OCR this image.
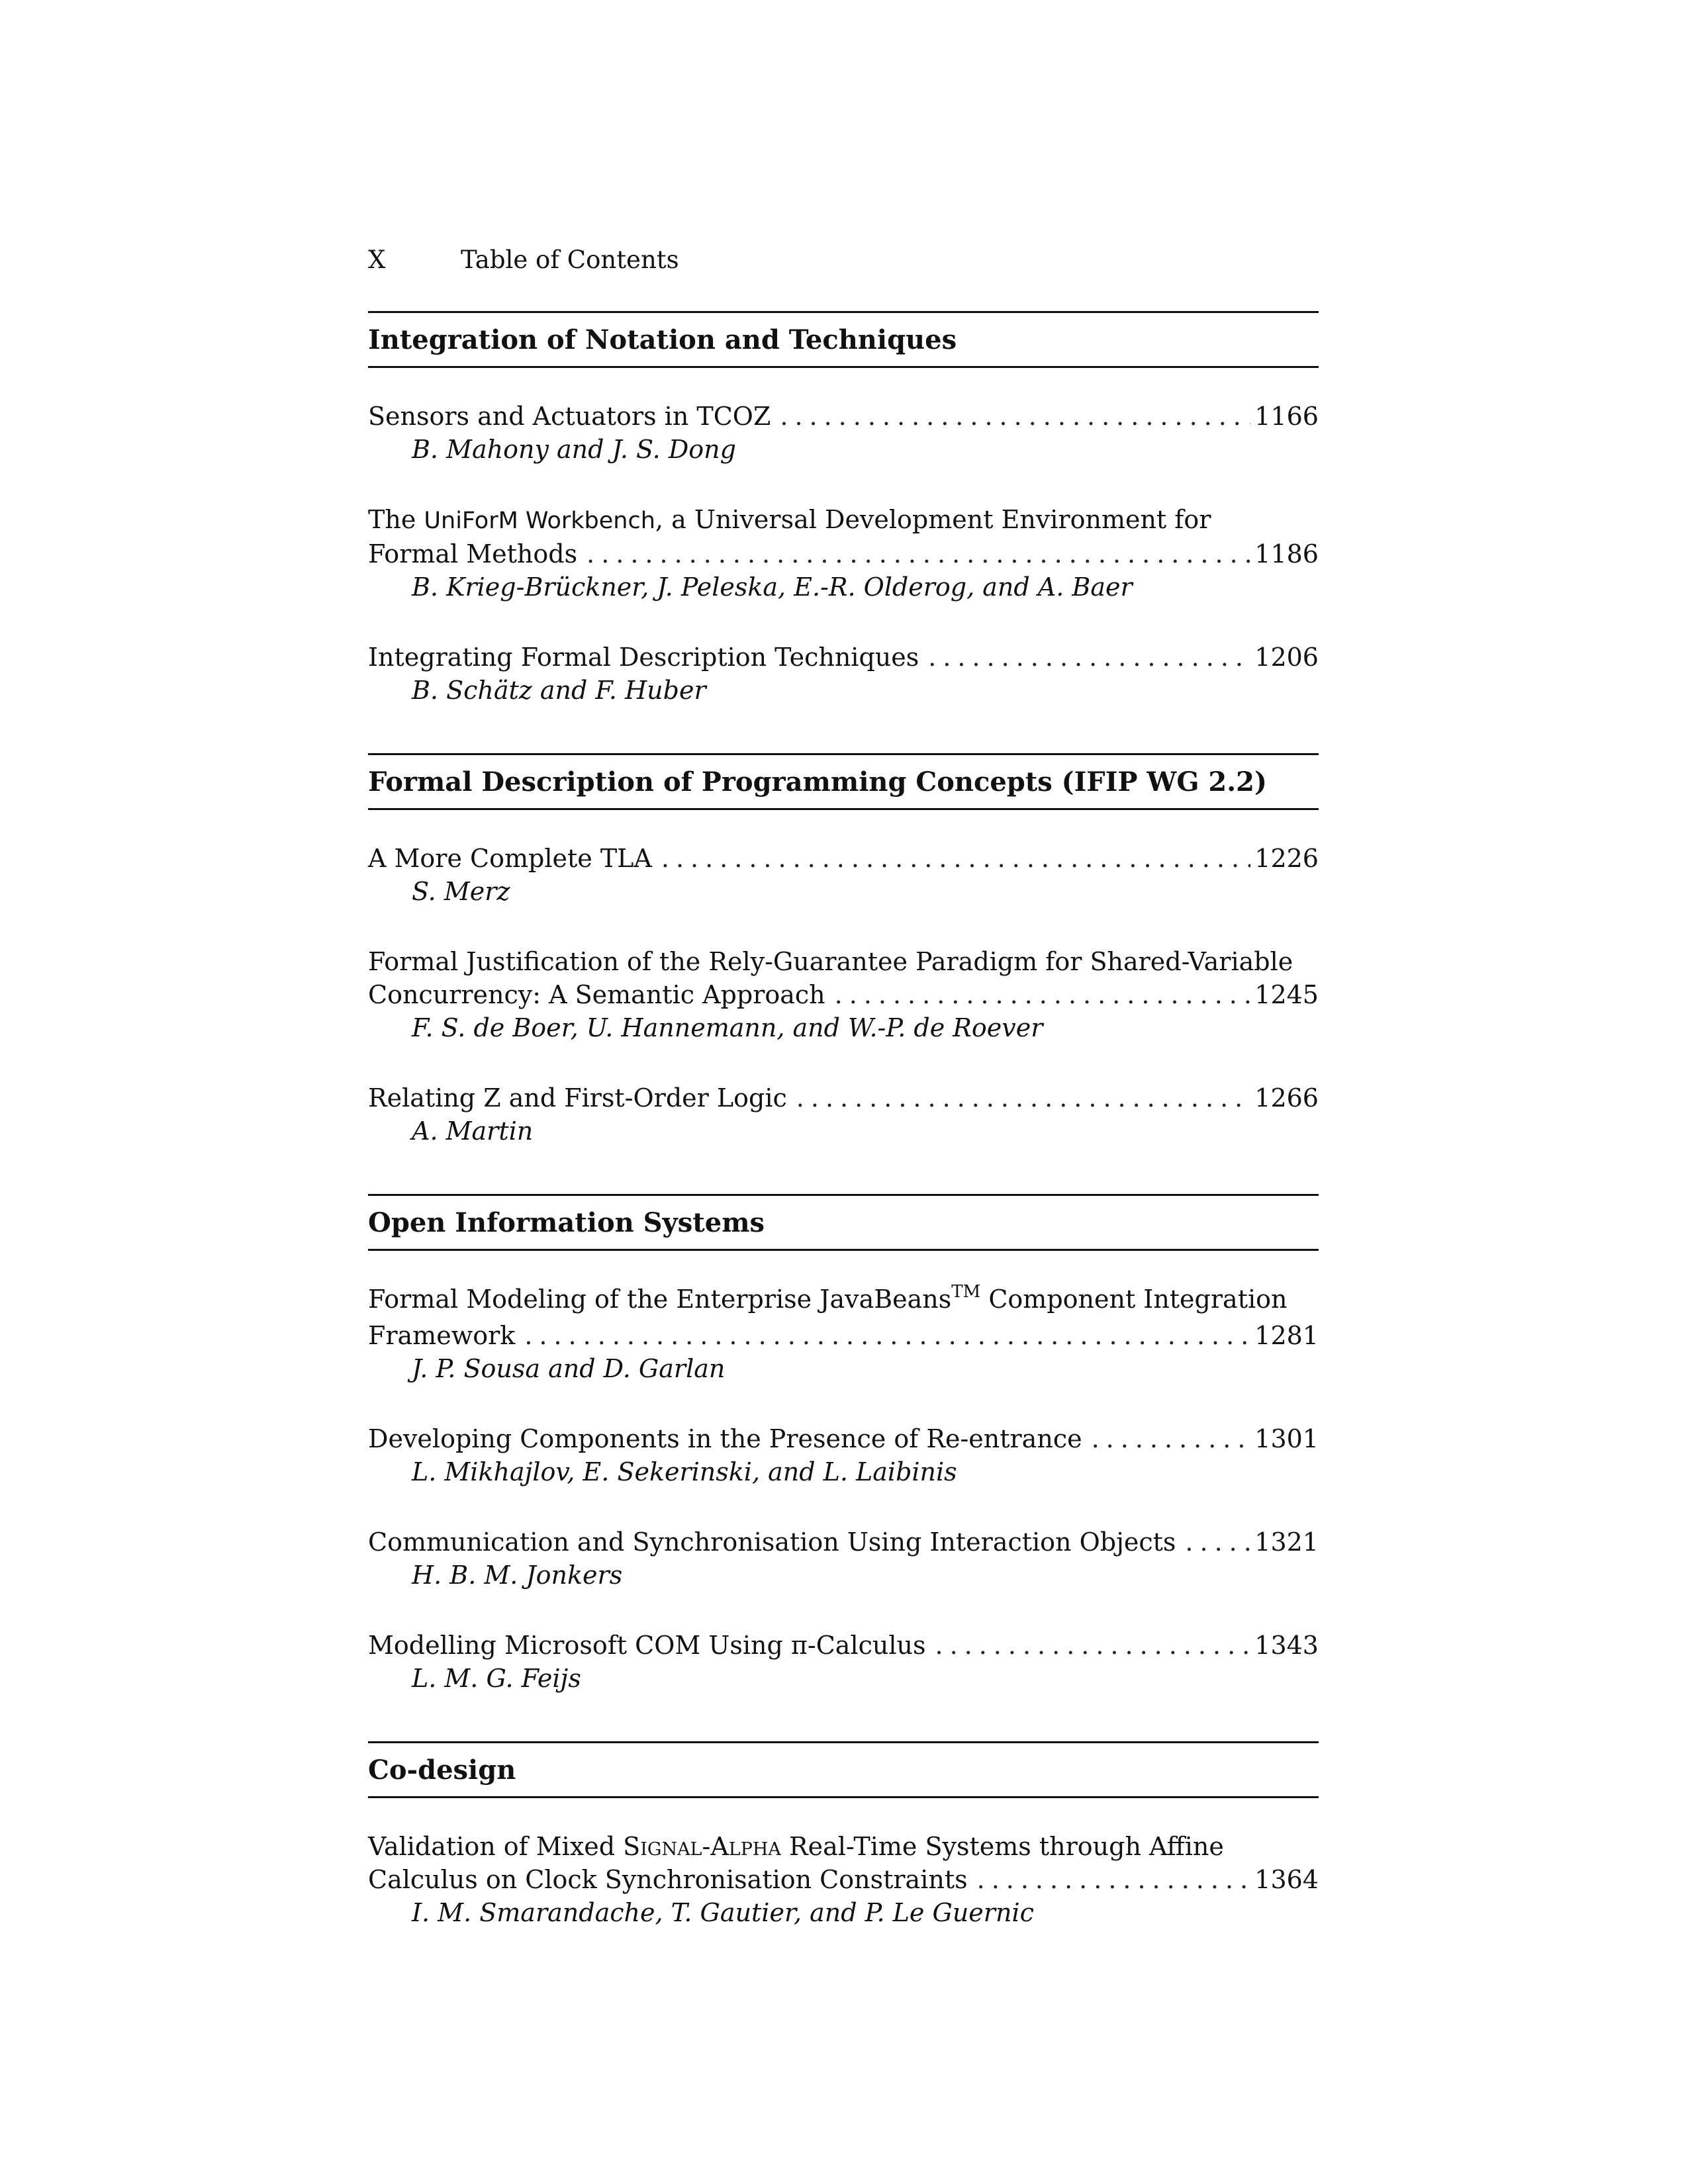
X	Table of Contents
Integration of Notation and Techniques
Sensors and Actuators in TCOZ .....	1166
B. Mahony and J. S. Dong
The UniForM Workbench, a Universal Development Environment for
Formal Methods .....	1186
B. Krieg-Brückner, J. Peleska, E.-R. Olderog, and A. Baer
Integrating Formal Description Techniques .....	1206
B. Schätz and F. Huber
Formal Description of Programming Concepts (IFIP WG 2.2)
A More Complete TLA .....	1226
S. Merz
Formal Justification of the Rely-Guarantee Paradigm for Shared-Variable
Concurrency: A Semantic Approach .....	1245
F. S. de Boer, U. Hannemann, and W.-P. de Roever
Relating Z and First-Order Logic .....	1266
A. Martin
Open Information Systems
Formal Modeling of the Enterprise JavaBeans™ Component Integration
Framework .....	1281
J. P. Sousa and D. Garlan
Developing Components in the Presence of Re-entrance .....	1301
L. Mikhajlov, E. Sekerinski, and L. Laibinis
Communication and Synchronisation Using Interaction Objects .....	1321
H. B. M. Jonkers
Modelling Microsoft COM Using π-Calculus .....	1343
L. M. G. Feijs
Co-design
Validation of Mixed Signal-Alpha Real-Time Systems through Affine
Calculus on Clock Synchronisation Constraints .....	1364
I. M. Smarandache, T. Gautier, and P. Le Guernic
